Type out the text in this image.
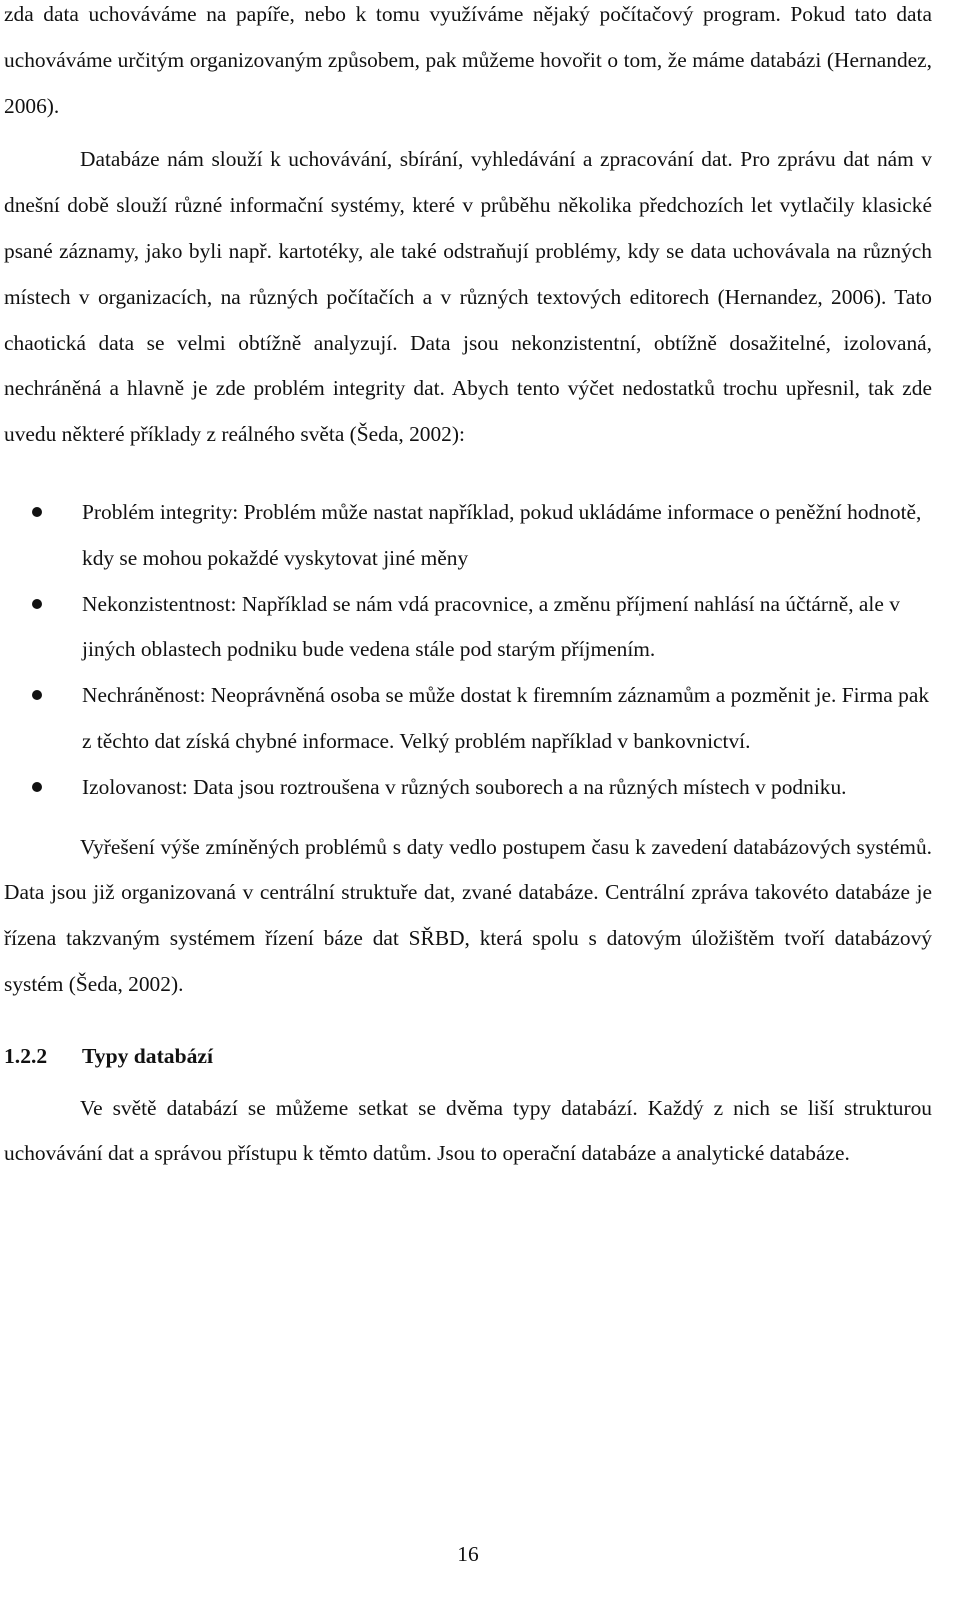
zda data uchováváme na papíře, nebo k tomu využíváme nějaký počítačový program. Pokud tato data uchováváme určitým organizovaným způsobem, pak můžeme hovořit o tom, že máme databázi (Hernandez, 2006).

Databáze nám slouží k uchovávání, sbírání, vyhledávání a zpracování dat. Pro zprávu dat nám v dnešní době slouží různé informační systémy, které v průběhu několika předchozích let vytlačily klasické psané záznamy, jako byli např. kartotéky, ale také odstraňují problémy, kdy se data uchovávala na různých místech v organizacích, na různých počítačích a v různých textových editorech (Hernandez, 2006). Tato chaotická data se velmi obtížně analyzují. Data jsou nekonzistentní, obtížně dosažitelné, izolovaná, nechráněná a hlavně je zde problém integrity dat. Abych tento výčet nedostatků trochu upřesnil, tak zde uvedu některé příklady z reálného světa (Šeda, 2002):

Problém integrity: Problém může nastat například, pokud ukládáme informace o peněžní hodnotě, kdy se mohou pokaždé vyskytovat jiné měny
Nekonzistentnost: Například se nám vdá pracovnice, a změnu příjmení nahlásí na účtárně, ale v jiných oblastech podniku bude vedena stále pod starým příjmením.
Nechráněnost: Neoprávněná osoba se může dostat k firemním záznamům a pozměnit je. Firma pak z těchto dat získá chybné informace. Velký problém například v bankovnictví.
Izolovanost: Data jsou roztroušena v různých souborech a na různých místech v podniku.

Vyřešení výše zmíněných problémů s daty vedlo postupem času k zavedení databázových systémů. Data jsou již organizovaná v centrální struktuře dat, zvané databáze. Centrální zpráva takovéto databáze je řízena takzvaným systémem řízení báze dat SŘBD, která spolu s datovým úložištěm tvoří databázový systém (Šeda, 2002).

1.2.2 Typy databází

Ve světě databází se můžeme setkat se dvěma typy databází. Každý z nich se liší strukturou uchovávání dat a správou přístupu k těmto datům. Jsou to operační databáze a analytické databáze.

16
